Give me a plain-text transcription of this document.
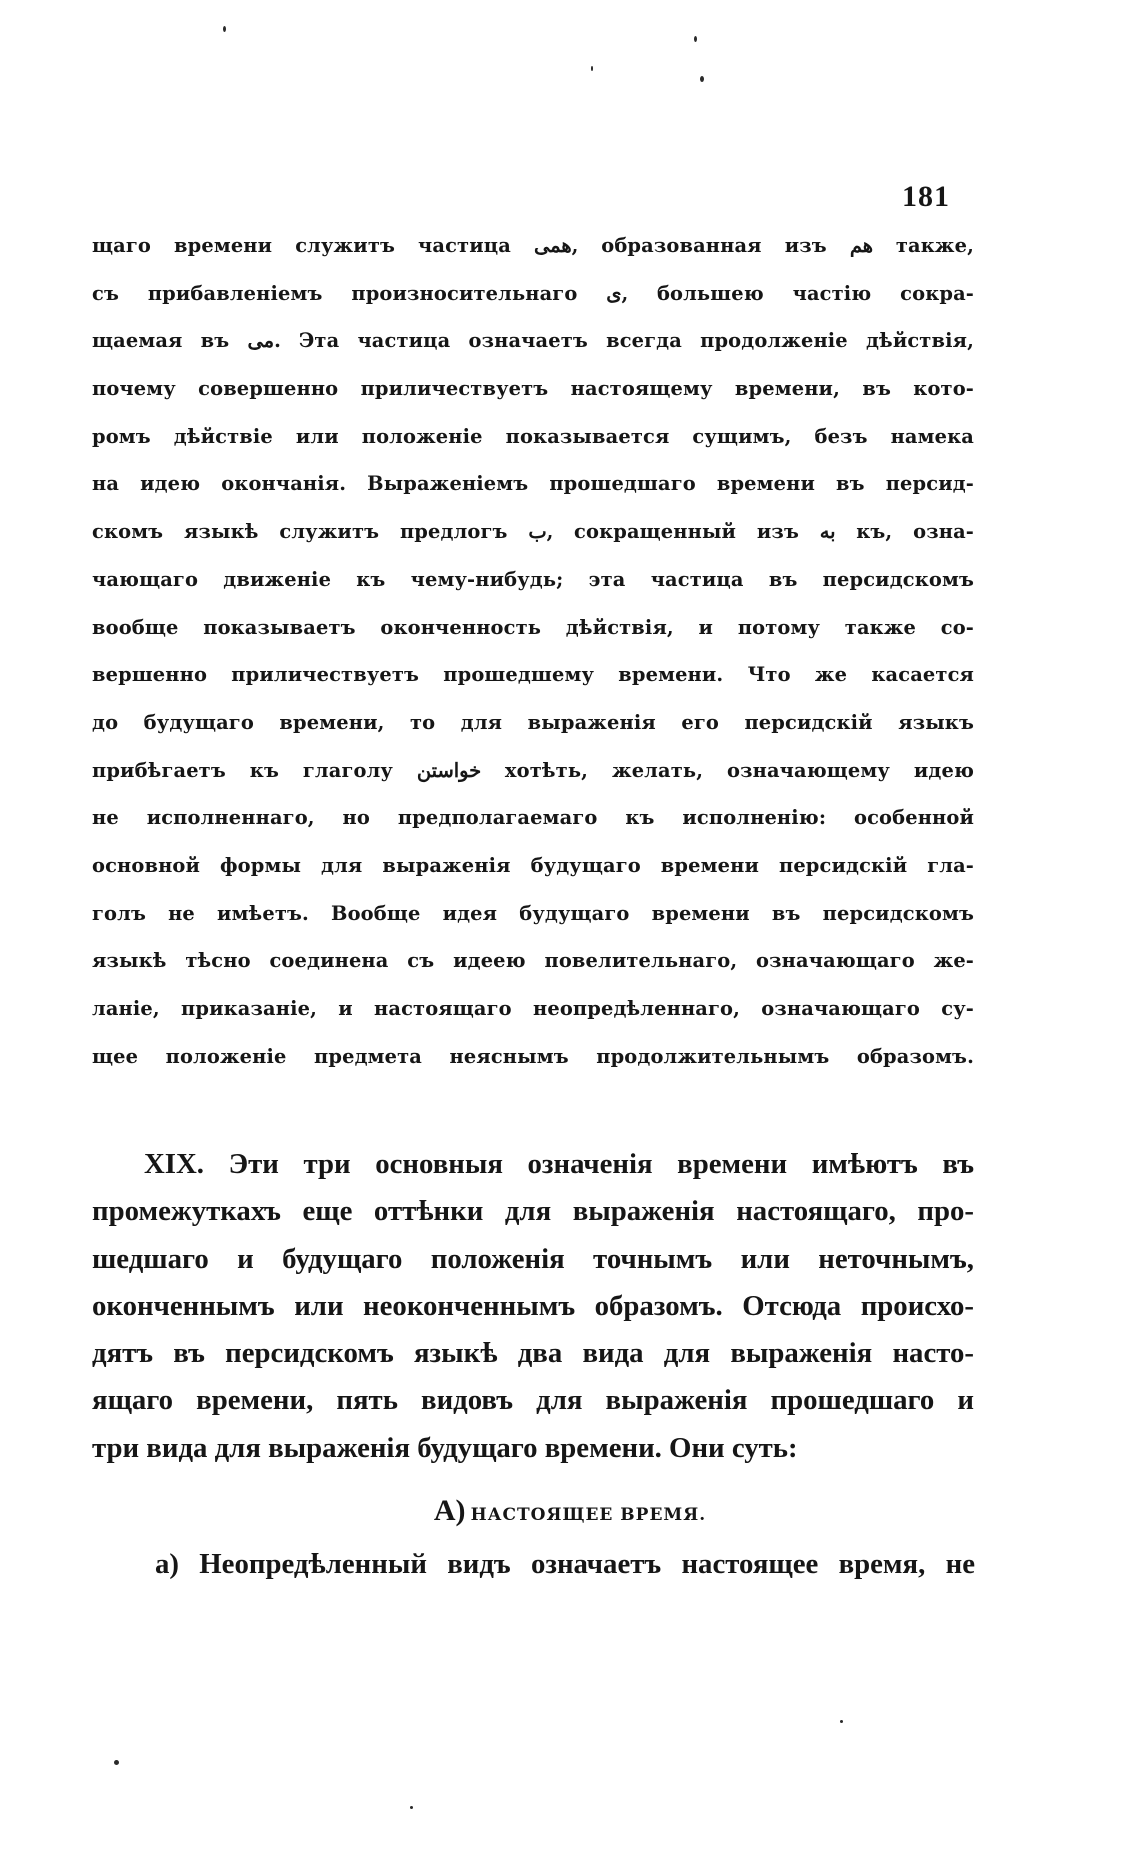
181
щаго времени служитъ частица همی, образованная изъ هم также,
съ прибавленіемъ произносительнаго ی, большею частію сокра-
щаемая въ می. Эта частица означаетъ всегда продолженіе дѣйствія,
почему совершенно приличествуетъ настоящему времени, въ кото-
ромъ дѣйствіе или положеніе показывается сущимъ, безъ намека
на идею окончанія. Выраженіемъ прошедшаго времени въ персид-
скомъ языкѣ служитъ предлогъ ب, сокращенный изъ به къ, озна-
чающаго движеніе къ чему-нибудь; эта частица въ персидскомъ
вообще показываетъ оконченность дѣйствія, и потому также со-
вершенно приличествуетъ прошедшему времени. Что же касается
до будущаго времени, то для выраженія его персидскій языкъ
прибѣгаетъ къ глаголу خواستن хотѣть, желать, означающему идею
не исполненнаго, но предполагаемаго къ исполненію: особенной
основной формы для выраженія будущаго времени персидскій гла-
голъ не имѣетъ. Вообще идея будущаго времени въ персидскомъ
языкѣ тѣсно соединена съ идеею повелительнаго, означающаго же-
ланіе, приказаніе, и настоящаго неопредѣленнаго, означающаго су-
щее положеніе предмета неяснымъ продолжительнымъ образомъ.
XIX. Эти три основныя означенія времени имѣютъ въ
промежуткахъ еще оттѣнки для выраженія настоящаго, про-
шедшаго и будущаго положенія точнымъ или неточнымъ,
оконченнымъ или неоконченнымъ образомъ. Отсюда происхо-
дятъ въ персидскомъ языкѣ два вида для выраженія насто-
ящаго времени, пять видовъ для выраженія прошедшаго и
три вида для выраженія будущаго времени. Они суть:
A) НАСТОЯЩЕЕ ВРЕМЯ.
a) Неопредѣленный видъ означаетъ настоящее время, не
